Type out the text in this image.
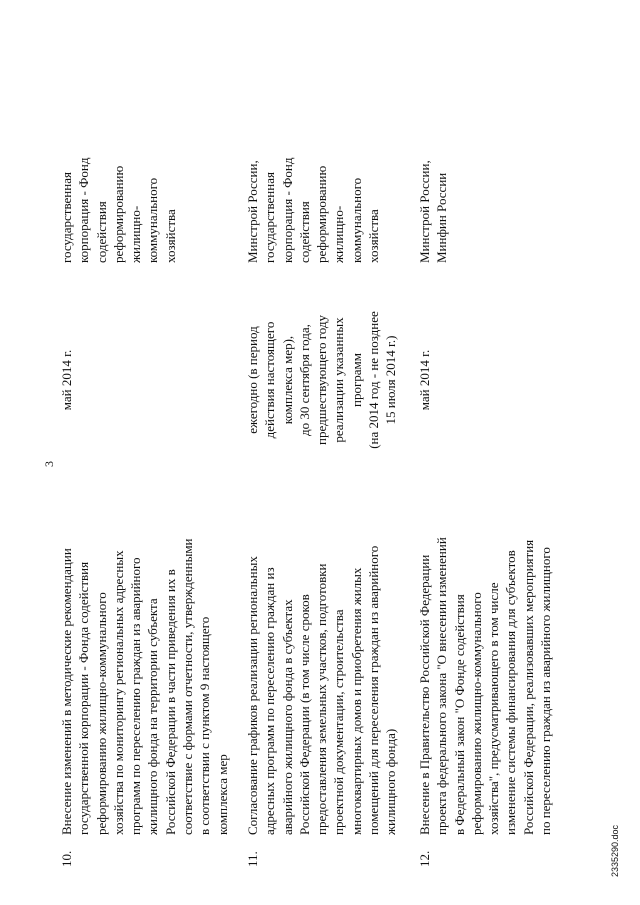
3
10.
Внесение изменений в методические рекомендации государственной корпорации - Фонда содействия реформированию жилищно-коммунального хозяйства по мониторингу региональных адресных программ по переселению граждан из аварийного жилищного фонда на территории субъекта Российской Федерации в части приведения их в соответствие с формами отчетности, утвержденными в соответствии с пунктом 9 настоящего комплекса мер
май 2014 г.
государственная корпорация - Фонд содействия реформированию жилищно- коммунального хозяйства
11.
Согласование графиков реализации региональных адресных программ по переселению граждан из аварийного жилищного фонда в субъектах Российской Федерации (в том числе сроков предоставления земельных участков, подготовки проектной документации, строительства многоквартирных домов и приобретения жилых помещений для переселения граждан из аварийного жилищного фонда)
ежегодно (в период действия настоящего комплекса мер), до 30 сентября года, предшествующего году реализации указанных программ (на 2014 год - не позднее 15 июля 2014 г.)
Минстрой России, государственная корпорация - Фонд содействия реформированию жилищно- коммунального хозяйства
12.
Внесение в Правительство Российской Федерации проекта федерального закона "О внесении изменений в Федеральный закон "О Фонде содействия реформированию жилищно-коммунального хозяйства", предусматривающего в том числе изменение системы финансирования для субъектов Российской Федерации, реализовавших мероприятия по переселению граждан из аварийного жилищного
май 2014 г.
Минстрой России, Минфин России
2335290.doc
